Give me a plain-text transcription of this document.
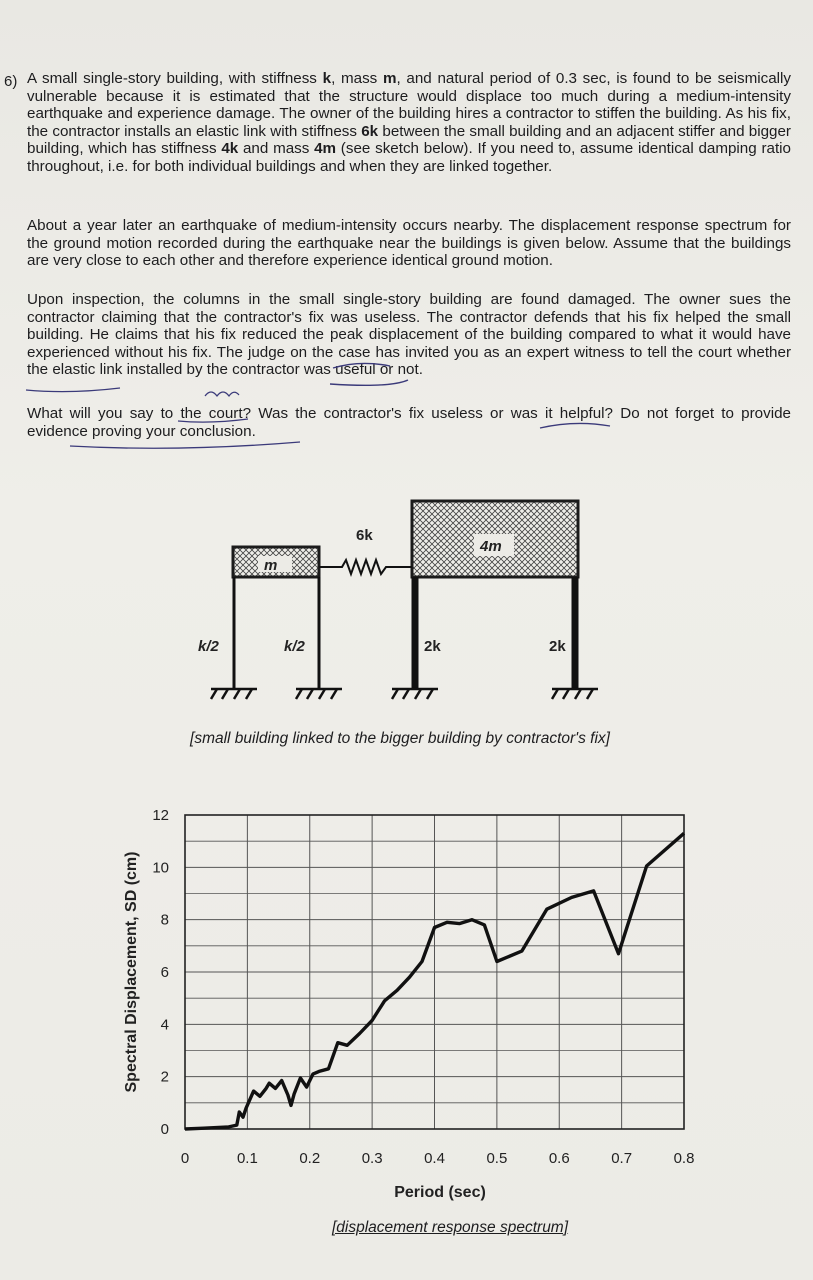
6) A small single-story building, with stiffness k, mass m, and natural period of 0.3 sec, is found to be seismically vulnerable because it is estimated that the structure would displace too much during a medium-intensity earthquake and experience damage. The owner of the building hires a contractor to stiffen the building. As his fix, the contractor installs an elastic link with stiffness 6k between the small building and an adjacent stiffer and bigger building, which has stiffness 4k and mass 4m (see sketch below). If you need to, assume identical damping ratio throughout, i.e. for both individual buildings and when they are linked together.

About a year later an earthquake of medium-intensity occurs nearby. The displacement response spectrum for the ground motion recorded during the earthquake near the buildings is given below. Assume that the buildings are very close to each other and therefore experience identical ground motion.

Upon inspection, the columns in the small single-story building are found damaged. The owner sues the contractor claiming that the contractor's fix was useless. The contractor defends that his fix helped the small building. He claims that his fix reduced the peak displacement of the building compared to what it would have experienced without his fix. The judge on the case has invited you as an expert witness to tell the court whether the elastic link installed by the contractor was useful or not.

What will you say to the court? Was the contractor's fix useless or was it helpful? Do not forget to provide evidence proving your conclusion.

m
4m
6k
k/2	k/2	2k	2k
[small building linked to the bigger building by contractor's fix]
0	0.1	0.2	0.3	0.4	0.5	0.6	0.7	0.8
0
2
4
6
8
10
12
Spectral Displacement, SD (cm)
Period (sec)
[displacement response spectrum]
